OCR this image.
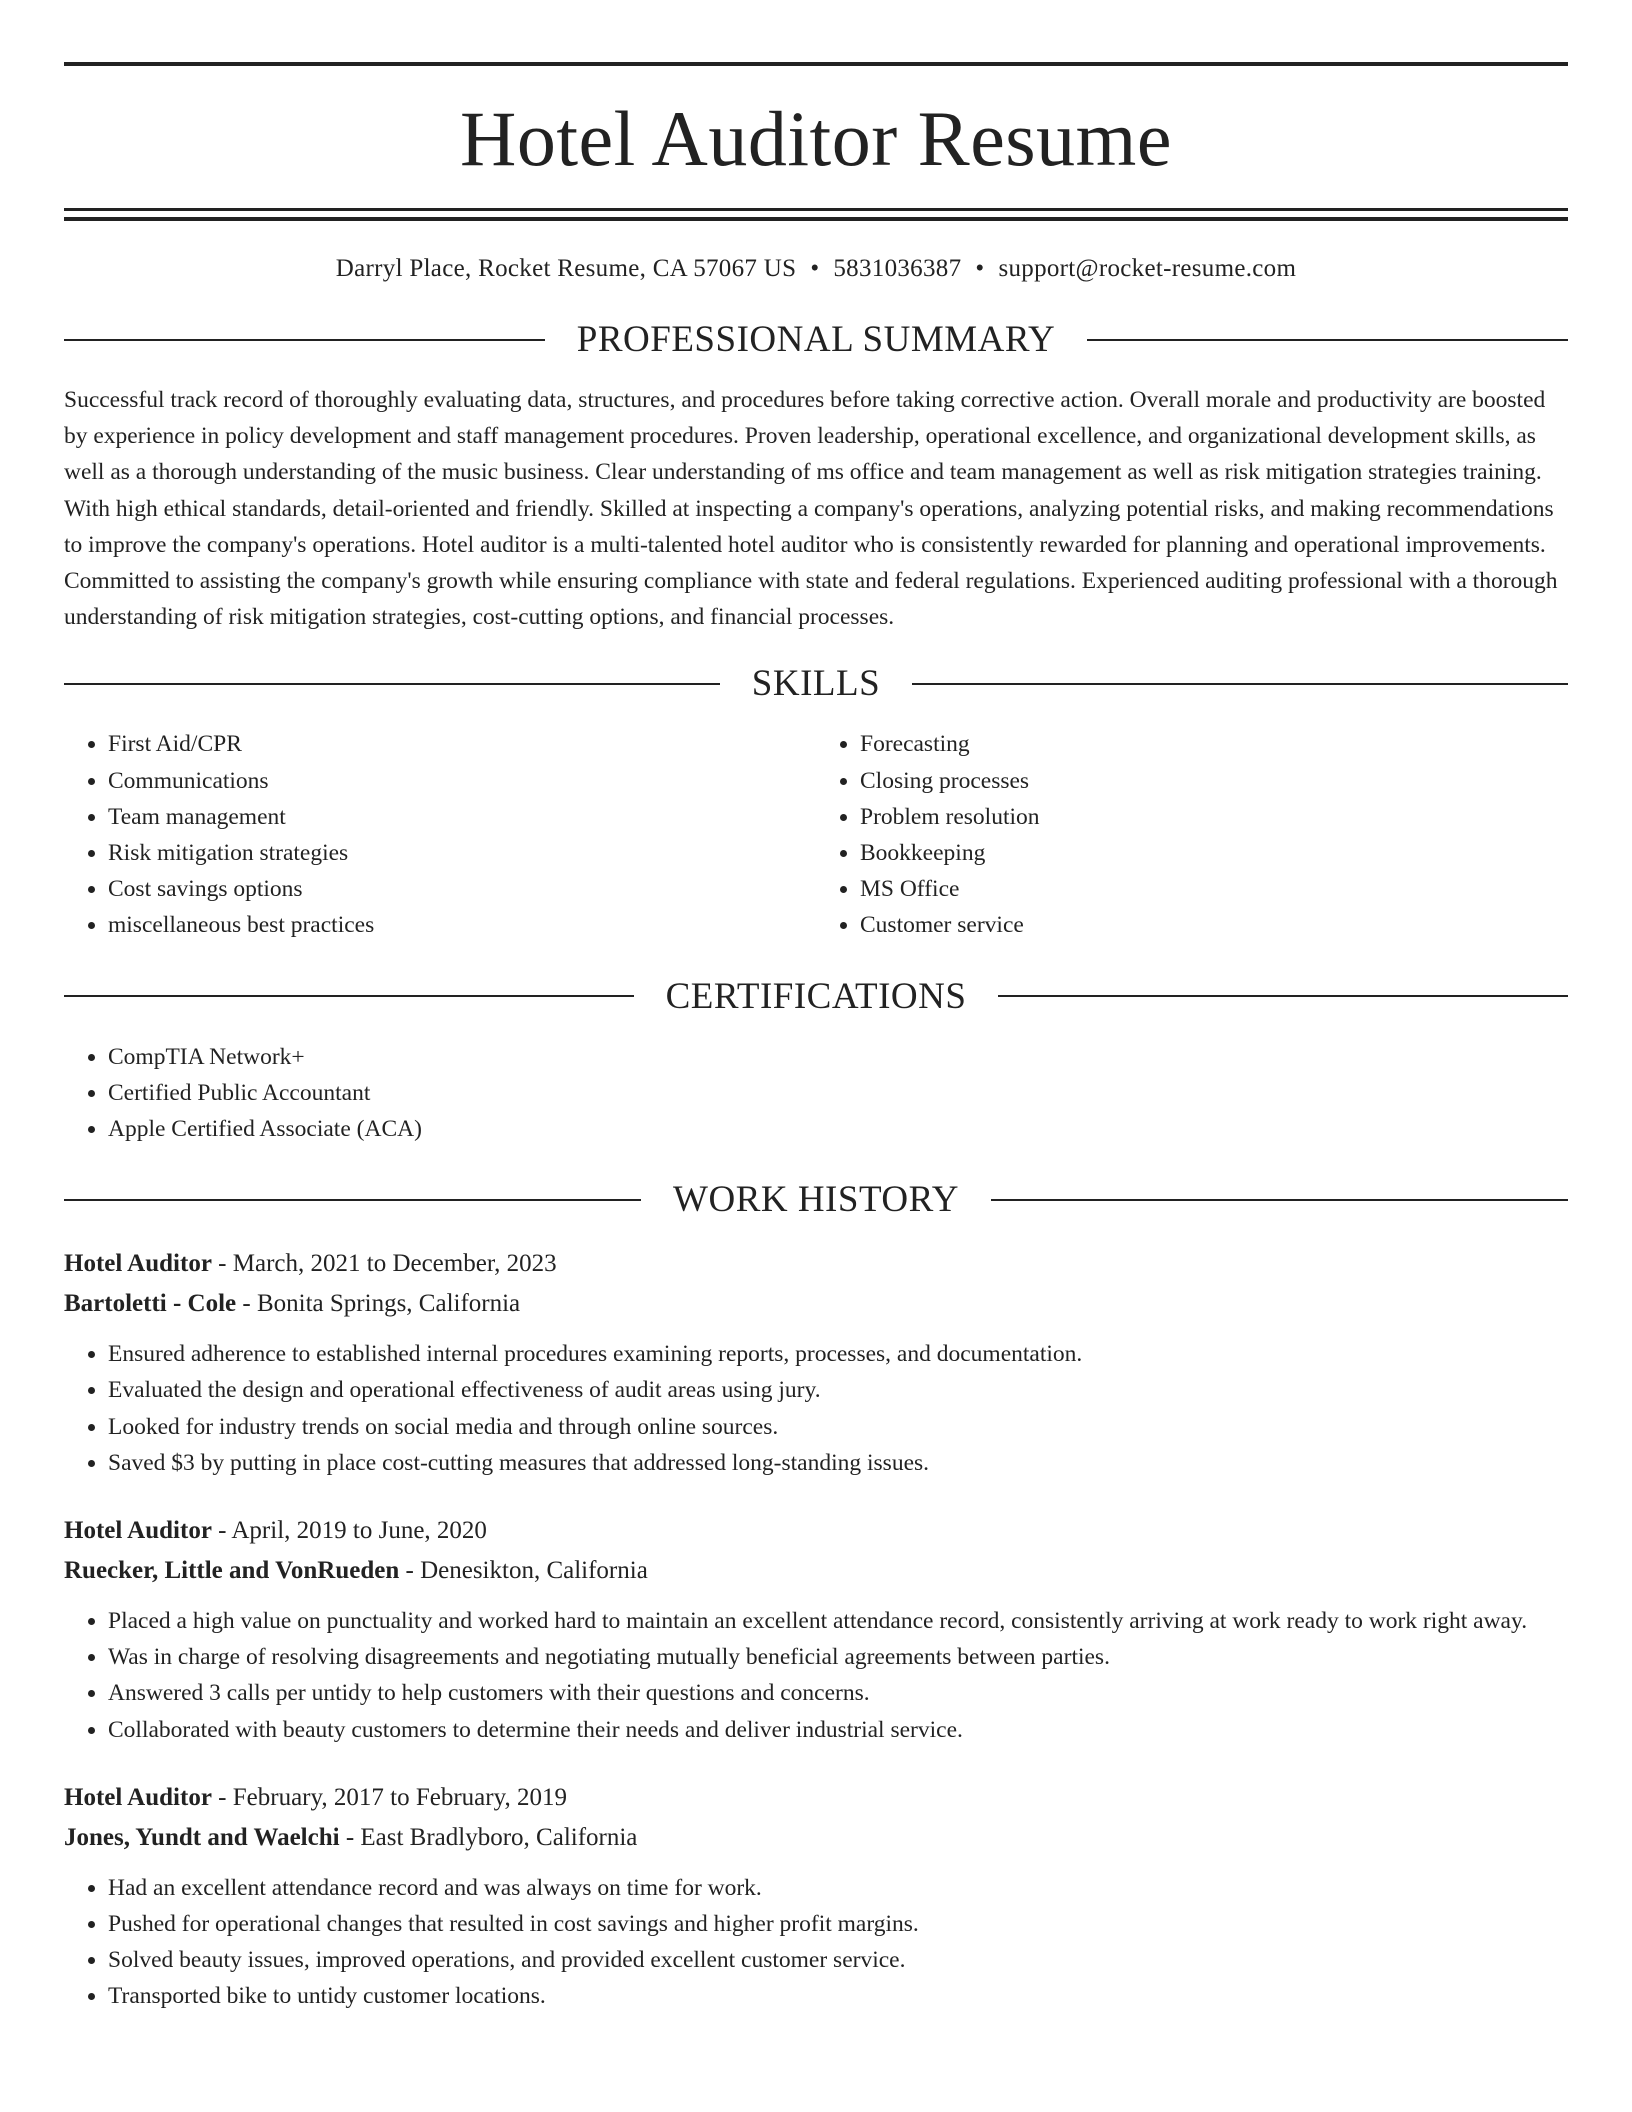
Hotel Auditor Resume
Darryl Place, Rocket Resume, CA 57067 US • 5831036387 • support@rocket-resume.com
PROFESSIONAL SUMMARY

Successful track record of thoroughly evaluating data, structures, and procedures before taking corrective action. Overall morale and productivity are boosted by experience in policy development and staff management procedures. Proven leadership, operational excellence, and organizational development skills, as well as a thorough understanding of the music business. Clear understanding of ms office and team management as well as risk mitigation strategies training. With high ethical standards, detail-oriented and friendly. Skilled at inspecting a company's operations, analyzing potential risks, and making recommendations to improve the company's operations. Hotel auditor is a multi-talented hotel auditor who is consistently rewarded for planning and operational improvements. Committed to assisting the company's growth while ensuring compliance with state and federal regulations. Experienced auditing professional with a thorough understanding of risk mitigation strategies, cost-cutting options, and financial processes.

SKILLS
• First Aid/CPR
• Communications
• Team management
• Risk mitigation strategies
• Cost savings options
• miscellaneous best practices
• Forecasting
• Closing processes
• Problem resolution
• Bookkeeping
• MS Office
• Customer service
CERTIFICATIONS
• CompTIA Network+
• Certified Public Accountant
• Apple Certified Associate (ACA)
WORK HISTORY
Hotel Auditor - March, 2021 to December, 2023
Bartoletti - Cole - Bonita Springs, California
• Ensured adherence to established internal procedures examining reports, processes, and documentation.
• Evaluated the design and operational effectiveness of audit areas using jury.
• Looked for industry trends on social media and through online sources.
• Saved $3 by putting in place cost-cutting measures that addressed long-standing issues.
Hotel Auditor - April, 2019 to June, 2020
Ruecker, Little and VonRueden - Denesikton, California
• Placed a high value on punctuality and worked hard to maintain an excellent attendance record, consistently arriving at work ready to work right away.
• Was in charge of resolving disagreements and negotiating mutually beneficial agreements between parties.
• Answered 3 calls per untidy to help customers with their questions and concerns.
• Collaborated with beauty customers to determine their needs and deliver industrial service.
Hotel Auditor - February, 2017 to February, 2019
Jones, Yundt and Waelchi - East Bradlyboro, California
• Had an excellent attendance record and was always on time for work.
• Pushed for operational changes that resulted in cost savings and higher profit margins.
• Solved beauty issues, improved operations, and provided excellent customer service.
• Transported bike to untidy customer locations.
